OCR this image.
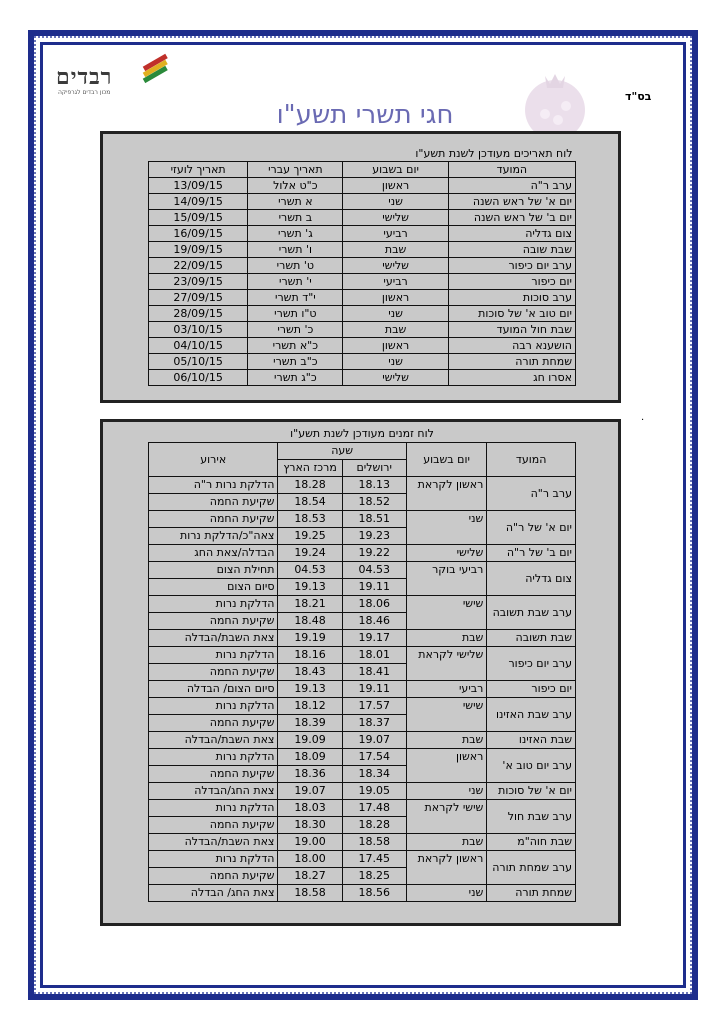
רבדים
מכון רבדים לגרפיקה	בס"ד
חגי תשרי תשע"ו
לוח תאריכים מעודכן לשנת תשע"ו			
המועד	יום בשבוע	תאריך עברי	תאריך לועזי
ערב ר"ה	ראשון	כ"ט אלול	13/09/15
יום א' של ראש השנה	שני	א תשרי	14/09/15
יום ב' של ראש השנה	שלישי	ב תשרי	15/09/15
צום גדליה	רביעי	ג' תשרי	16/09/15
שבת שובה	שבת	ו' תשרי	19/09/15
ערב יום כיפור	שלישי	ט' תשרי	22/09/15
יום כיפור	רביעי	י' תשרי	23/09/15
ערב סוכות	ראשון	י"ד תשרי	27/09/15
יום טוב א' של סוכות	שני	ט"ו תשרי	28/09/15
שבת חול המועד	שבת	כ' תשרי	03/10/15
הושענא רבה	ראשון	כ"א תשרי	04/10/15
שמחת תורה	שני	כ"ב תשרי	05/10/15
אסרו חג	שלישי	כ"ג תשרי	06/10/15
.
לוח זמנים מעודכן לשנת תשע"ו				
המועד	יום בשבוע	שעה		אירוע
		ירושלים	מרכז הארץ	
ערב ר"ה	ראשון לקראת	18.13	18.28	הדלקת נרות ר"ה
		18.52	18.54	שקיעת החמה
יום א' של ר"ה	שני	18.51	18.53	שקיעת החמה
		19.23	19.25	צאה"כ/הדלקת נרות
יום ב' של ר"ה	שלישי	19.22	19.24	הבדלה/צאת החג
צום גדליה	רביעי בוקר	04.53	04.53	תחילת הצום
		19.11	19.13	סיום הצום
ערב שבת תשובה	שישי	18.06	18.21	הדלקת נרות
		18.46	18.48	שקיעת החמה
שבת תשובה	שבת	19.17	19.19	צאת השבת/הבדלה
ערב יום כיפור	שלישי לקראת	18.01	18.16	הדלקת נרות
		18.41	18.43	שקיעת החמה
יום כיפור	רביעי	19.11	19.13	סיום הצום/ הבדלה
ערב שבת האזינו	שישי	17.57	18.12	הדלקת נרות
		18.37	18.39	שקיעת החמה
שבת האזינו	שבת	19.07	19.09	צאת השבת/הבדלה
ערב יום טוב א'	ראשון	17.54	18.09	הדלקת נרות
		18.34	18.36	שקיעת החמה
יום א' של סוכות	שני	19.05	19.07	צאת החג/הבדלה
ערב שבת חול	שישי לקראת	17.48	18.03	הדלקת נרות
		18.28	18.30	שקיעת החמה
שבת חוה"מ	שבת	18.58	19.00	צאת השבת/הבדלה
ערב שמחת תורה	ראשון לקראת	17.45	18.00	הדלקת נרות
		18.25	18.27	שקיעת החמה
שמחת תורה	שני	18.56	18.58	צאת החג/ הבדלה
